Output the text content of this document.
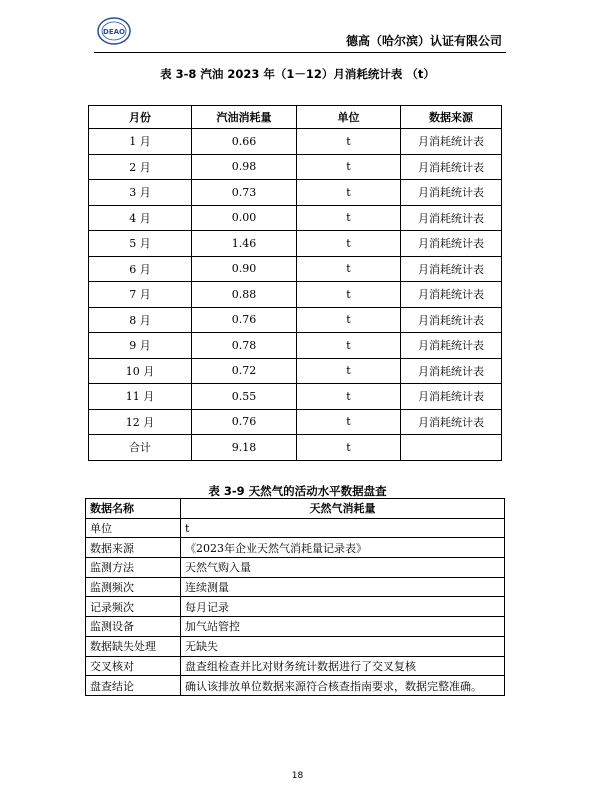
DEAO
德高（哈尔滨）认证有限公司
表 3-8 汽油 2023 年（1－12）月消耗统计表 （t）
月份	汽油消耗量	单位	数据来源
1 月	0.66	t	月消耗统计表
2 月	0.98	t	月消耗统计表
3 月	0.73	t	月消耗统计表
4 月	0.00	t	月消耗统计表
5 月	1.46	t	月消耗统计表
6 月	0.90	t	月消耗统计表
7 月	0.88	t	月消耗统计表
8 月	0.76	t	月消耗统计表
9 月	0.78	t	月消耗统计表
10 月	0.72	t	月消耗统计表
11 月	0.55	t	月消耗统计表
12 月	0.76	t	月消耗统计表
合计	9.18	t	
表 3-9 天然气的活动水平数据盘查
数据名称	天然气消耗量
单位	t
数据来源	《2023年企业天然气消耗量记录表》
监测方法	天然气购入量
监测频次	连续测量
记录频次	每月记录
监测设备	加气站管控
数据缺失处理	无缺失
交叉核对	盘查组检查并比对财务统计数据进行了交叉复核
盘查结论	确认该排放单位数据来源符合核查指南要求，数据完整准确。
18
